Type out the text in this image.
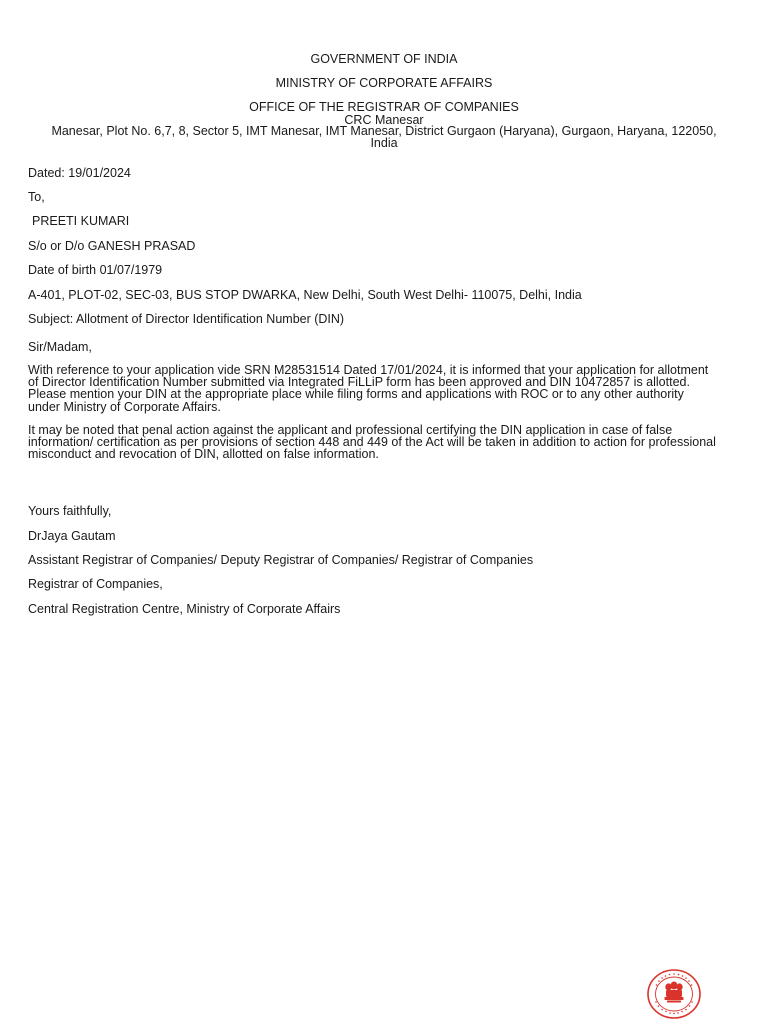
GOVERNMENT OF INDIA
MINISTRY OF CORPORATE AFFAIRS
OFFICE OF THE REGISTRAR OF COMPANIES
CRC Manesar
Manesar, Plot No. 6,7, 8, Sector 5, IMT Manesar, IMT Manesar, District Gurgaon (Haryana), Gurgaon, Haryana, 122050,
India
Dated: 19/01/2024
To,
PREETI KUMARI
S/o or D/o GANESH PRASAD
Date of birth 01/07/1979
A-401, PLOT-02, SEC-03, BUS STOP DWARKA, New Delhi, South West Delhi- 110075, Delhi, India
Subject: Allotment of Director Identification Number (DIN)
Sir/Madam,
With reference to your application vide SRN M28531514 Dated 17/01/2024, it is informed that your application for allotment
of Director Identification Number submitted via Integrated FiLLiP form has been approved and DIN 10472857 is allotted.
Please mention your DIN at the appropriate place while filing forms and applications with ROC or to any other authority
under Ministry of Corporate Affairs.
It may be noted that penal action against the applicant and professional certifying the DIN application in case of false
information/ certification as per provisions of section 448 and 449 of the Act will be taken in addition to action for professional
misconduct and revocation of DIN, allotted on false information.
Yours faithfully,
DrJaya Gautam
Assistant Registrar of Companies/ Deputy Registrar of Companies/ Registrar of Companies
Registrar of Companies,
Central Registration Centre, Ministry of Corporate Affairs
